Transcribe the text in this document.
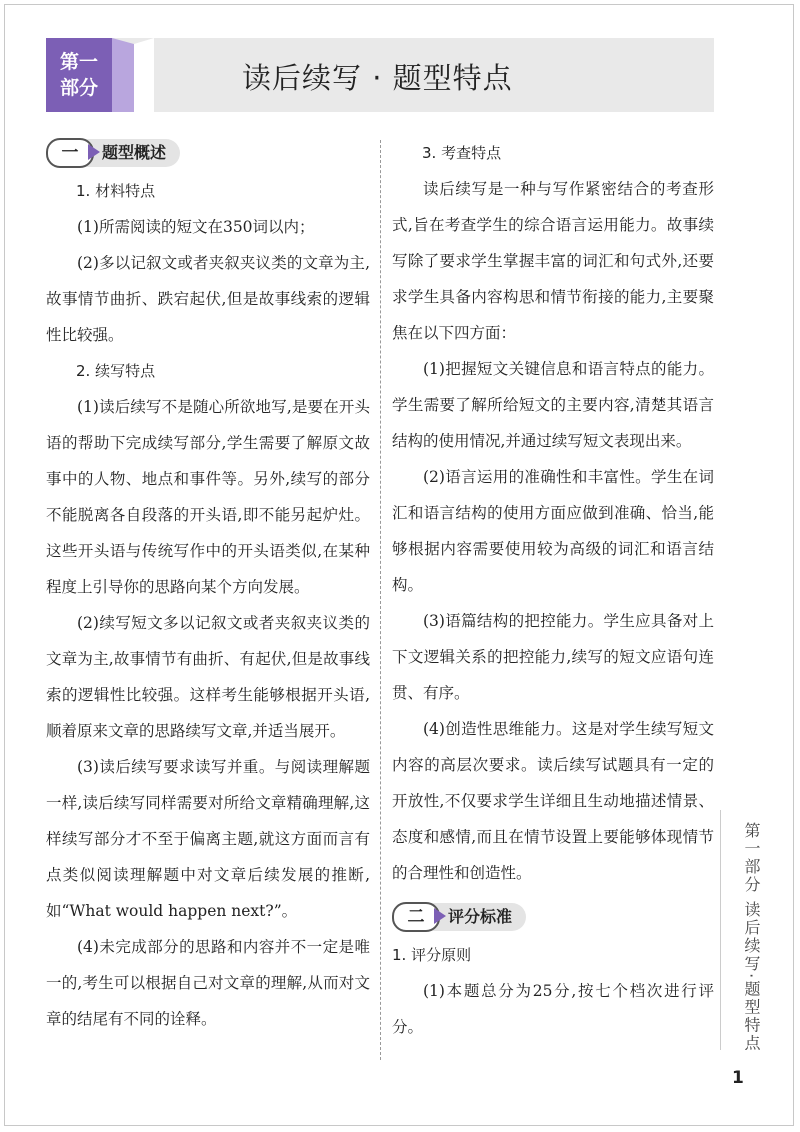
第一
部分	读后续写 · 题型特点
一	题型概述

1. 材料特点

(1)所需阅读的短文在350词以内；

(2)多以记叙文或者夹叙夹议类的文章为主,故事情节曲折、跌宕起伏,但是故事线索的逻辑性比较强。

2. 续写特点

(1)读后续写不是随心所欲地写,是要在开头语的帮助下完成续写部分,学生需要了解原文故事中的人物、地点和事件等。另外,续写的部分不能脱离各自段落的开头语,即不能另起炉灶。这些开头语与传统写作中的开头语类似,在某种程度上引导你的思路向某个方向发展。

(2)续写短文多以记叙文或者夹叙夹议类的文章为主,故事情节有曲折、有起伏,但是故事线索的逻辑性比较强。这样考生能够根据开头语,顺着原来文章的思路续写文章,并适当展开。

(3)读后续写要求读写并重。与阅读理解题一样,读后续写同样需要对所给文章精确理解,这样续写部分才不至于偏离主题,就这方面而言有点类似阅读理解题中对文章后续发展的推断,如“What would happen next?”。

(4)未完成部分的思路和内容并不一定是唯一的,考生可以根据自己对文章的理解,从而对文章的结尾有不同的诠释。

3. 考查特点

读后续写是一种与写作紧密结合的考查形式,旨在考查学生的综合语言运用能力。故事续写除了要求学生掌握丰富的词汇和句式外,还要求学生具备内容构思和情节衔接的能力,主要聚焦在以下四方面：

(1)把握短文关键信息和语言特点的能力。学生需要了解所给短文的主要内容,清楚其语言结构的使用情况,并通过续写短文表现出来。

(2)语言运用的准确性和丰富性。学生在词汇和语言结构的使用方面应做到准确、恰当,能够根据内容需要使用较为高级的词汇和语言结构。

(3)语篇结构的把控能力。学生应具备对上下文逻辑关系的把控能力,续写的短文应语句连贯、有序。

(4)创造性思维能力。这是对学生续写短文内容的高层次要求。读后续写试题具有一定的开放性,不仅要求学生详细且生动地描述情景、态度和感情,而且在情节设置上要能够体现情节的合理性和创造性。

二	评分标准

1. 评分原则

(1)本题总分为25分,按七个档次进行评分。	第一部分 读后续写·题型特点
1
